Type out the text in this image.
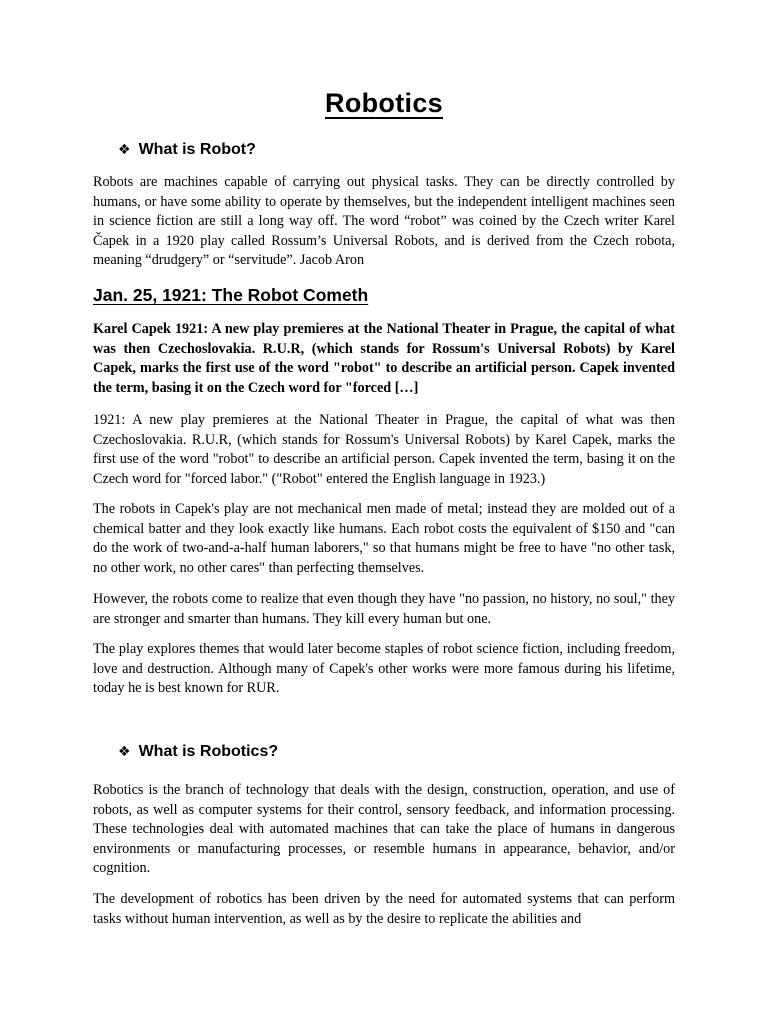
Robotics
❖ What is Robot?

Robots are machines capable of carrying out physical tasks. They can be directly controlled by humans, or have some ability to operate by themselves, but the independent intelligent machines seen in science fiction are still a long way off. The word “robot” was coined by the Czech writer Karel Čapek in a 1920 play called Rossum’s Universal Robots, and is derived from the Czech robota, meaning “drudgery” or “servitude”. Jacob Aron

Jan. 25, 1921: The Robot Cometh

Karel Capek 1921: A new play premieres at the National Theater in Prague, the capital of what was then Czechoslovakia. R.U.R, (which stands for Rossum's Universal Robots) by Karel Capek, marks the first use of the word "robot" to describe an artificial person. Capek invented the term, basing it on the Czech word for "forced […]

1921: A new play premieres at the National Theater in Prague, the capital of what was then Czechoslovakia. R.U.R, (which stands for Rossum's Universal Robots) by Karel Capek, marks the first use of the word "robot" to describe an artificial person. Capek invented the term, basing it on the Czech word for "forced labor." ("Robot" entered the English language in 1923.)

The robots in Capek's play are not mechanical men made of metal; instead they are molded out of a chemical batter and they look exactly like humans. Each robot costs the equivalent of $150 and "can do the work of two-and-a-half human laborers," so that humans might be free to have "no other task, no other work, no other cares" than perfecting themselves.

However, the robots come to realize that even though they have "no passion, no history, no soul," they are stronger and smarter than humans. They kill every human but one.

The play explores themes that would later become staples of robot science fiction, including freedom, love and destruction. Although many of Capek's other works were more famous during his lifetime, today he is best known for RUR.

❖ What is Robotics?

Robotics is the branch of technology that deals with the design, construction, operation, and use of robots, as well as computer systems for their control, sensory feedback, and information processing. These technologies deal with automated machines that can take the place of humans in dangerous environments or manufacturing processes, or resemble humans in appearance, behavior, and/or cognition.

The development of robotics has been driven by the need for automated systems that can perform tasks without human intervention, as well as by the desire to replicate the abilities and
